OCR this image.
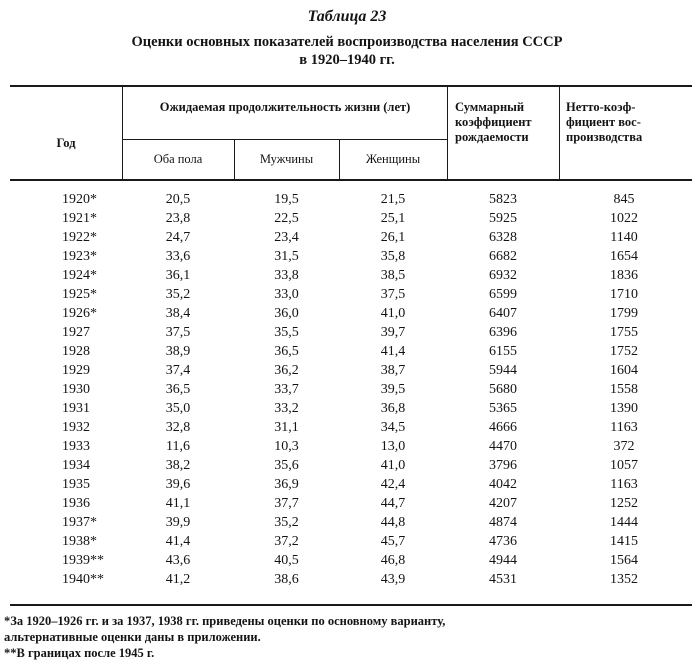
Таблица 23
Оценки основных показателей воспроизводства населения СССР
в 1920–1940 гг.
Год
Ожидаемая продолжительность жизни (лет)
Оба пола	Мужчины	Женщины
Суммарный коэффициент рождаемости
Нетто-коэф-фициент вос-производства
1920*	20,5	19,5	21,5	5823	845
1921*	23,8	22,5	25,1	5925	1022
1922*	24,7	23,4	26,1	6328	1140
1923*	33,6	31,5	35,8	6682	1654
1924*	36,1	33,8	38,5	6932	1836
1925*	35,2	33,0	37,5	6599	1710
1926*	38,4	36,0	41,0	6407	1799
1927	37,5	35,5	39,7	6396	1755
1928	38,9	36,5	41,4	6155	1752
1929	37,4	36,2	38,7	5944	1604
1930	36,5	33,7	39,5	5680	1558
1931	35,0	33,2	36,8	5365	1390
1932	32,8	31,1	34,5	4666	1163
1933	11,6	10,3	13,0	4470	372
1934	38,2	35,6	41,0	3796	1057
1935	39,6	36,9	42,4	4042	1163
1936	41,1	37,7	44,7	4207	1252
1937*	39,9	35,2	44,8	4874	1444
1938*	41,4	37,2	45,7	4736	1415
1939**	43,6	40,5	46,8	4944	1564
1940**	41,2	38,6	43,9	4531	1352
*За 1920–1926 гг. и за 1937, 1938 гг. приведены оценки по основному варианту,
альтернативные оценки даны в приложении.
**В границах после 1945 г.
